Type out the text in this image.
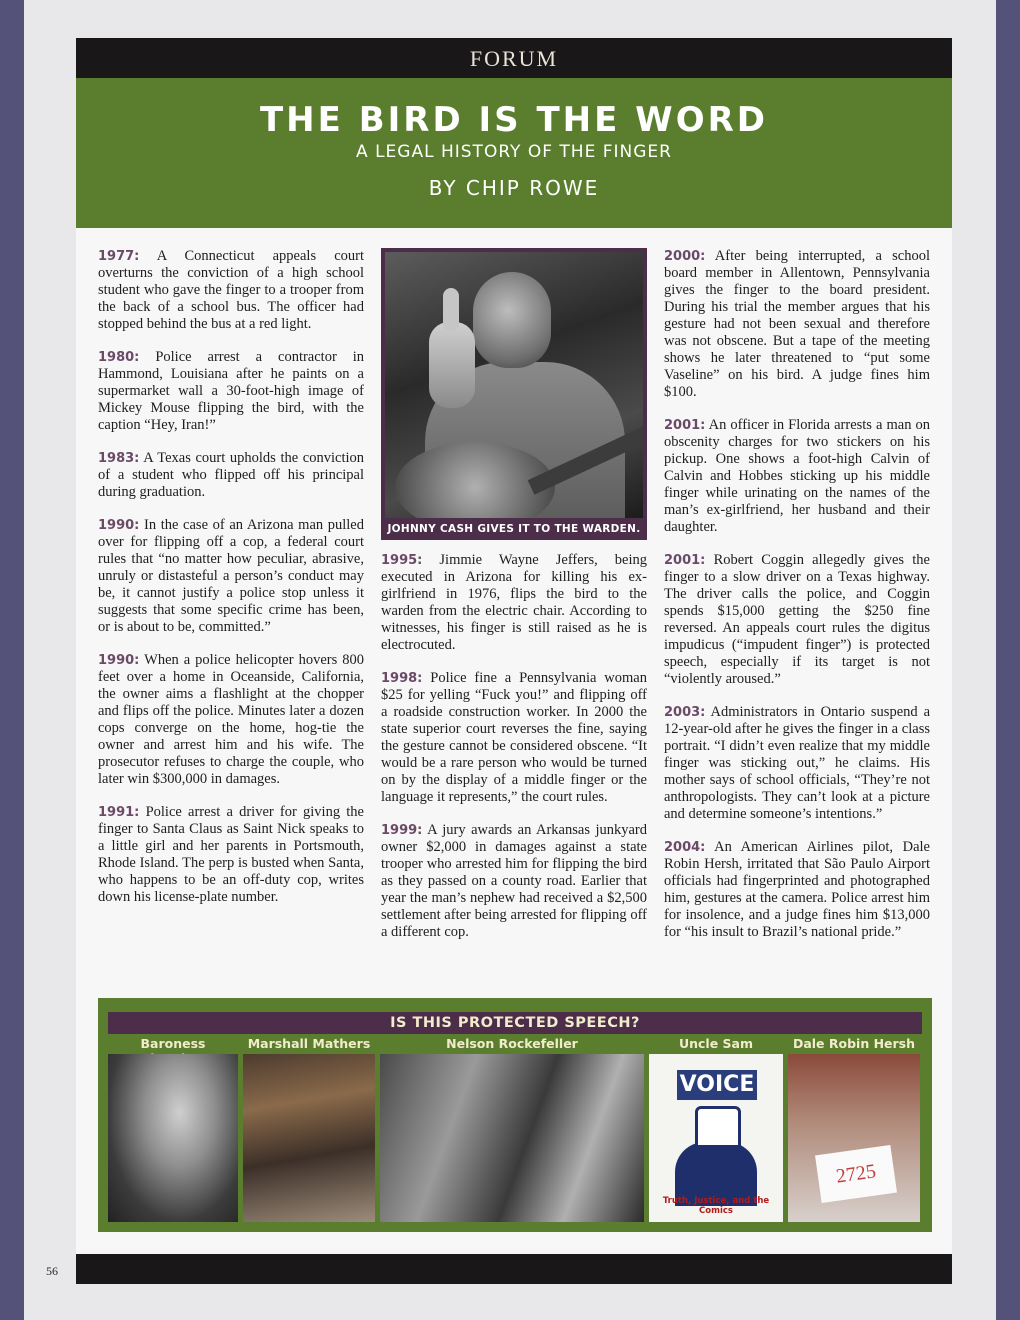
FORUM
THE BIRD IS THE WORD
A LEGAL HISTORY OF THE FINGER
BY CHIP ROWE

1977: A Connecticut appeals court overturns the conviction of a high school student who gave the finger to a trooper from the back of a school bus. The officer had stopped behind the bus at a red light.

1980: Police arrest a contractor in Hammond, Louisiana after he paints on a supermarket wall a 30-foot-high image of Mickey Mouse flipping the bird, with the caption “Hey, Iran!”

1983: A Texas court upholds the conviction of a student who flipped off his principal during graduation.

1990: In the case of an Arizona man pulled over for flipping off a cop, a federal court rules that “no matter how peculiar, abrasive, unruly or distasteful a person’s conduct may be, it cannot justify a police stop unless it suggests that some specific crime has been, or is about to be, committed.”

1990: When a police helicopter hovers 800 feet over a home in Oceanside, California, the owner aims a flashlight at the chopper and flips off the police. Minutes later a dozen cops converge on the home, hog-tie the owner and arrest him and his wife. The prosecutor refuses to charge the couple, who later win $300,000 in damages.

1991: Police arrest a driver for giving the finger to Santa Claus as Saint Nick speaks to a little girl and her parents in Portsmouth, Rhode Island. The perp is busted when Santa, who happens to be an off-duty cop, writes down his license-plate number.

JOHNNY CASH GIVES IT TO THE WARDEN.

1995: Jimmie Wayne Jeffers, being executed in Arizona for killing his ex-girlfriend in 1976, flips the bird to the warden from the electric chair. According to witnesses, his finger is still raised as he is electrocuted.

1998: Police fine a Pennsylvania woman $25 for yelling “Fuck you!” and flipping off a roadside construction worker. In 2000 the state superior court reverses the fine, saying the gesture cannot be considered obscene. “It would be a rare person who would be turned on by the display of a middle finger or the language it represents,” the court rules.

1999: A jury awards an Arkansas junkyard owner $2,000 in damages against a state trooper who arrested him for flipping the bird as they passed on a county road. Earlier that year the man’s nephew had received a $2,500 settlement after being arrested for flipping off a different cop.

2000: After being interrupted, a school board member in Allentown, Pennsylvania gives the finger to the board president. During his trial the member argues that his gesture had not been sexual and therefore was not obscene. But a tape of the meeting shows he later threatened to “put some Vaseline” on his bird. A judge fines him $100.

2001: An officer in Florida arrests a man on obscenity charges for two stickers on his pickup. One shows a foot-high Calvin of Calvin and Hobbes sticking up his middle finger while urinating on the names of the man’s ex-girlfriend, her husband and their daughter.

2001: Robert Coggin allegedly gives the finger to a slow driver on a Texas highway. The driver calls the police, and Coggin spends $15,000 getting the $250 fine reversed. An appeals court rules the digitus impudicus (“impudent finger”) is protected speech, especially if its target is not “violently aroused.”

2003: Administrators in Ontario suspend a 12-year-old after he gives the finger in a class portrait. “I didn’t even realize that my middle finger was sticking out,” he claims. His mother says of school officials, “They’re not anthropologists. They can’t look at a picture and determine someone’s intentions.”

2004: An American Airlines pilot, Dale Robin Hersh, irritated that São Paulo Airport officials had fingerprinted and photographed him, gestures at the camera. Police arrest him for insolence, and a judge fines him $13,000 for “his insult to Brazil’s national pride.”

IS THIS PROTECTED SPEECH?
Baroness	Marshall Mathers	Nelson Rockefeller	Uncle Sam	Dale Robin Hersh
VOICE
Truth, Justice, and the Comics
2725
56
